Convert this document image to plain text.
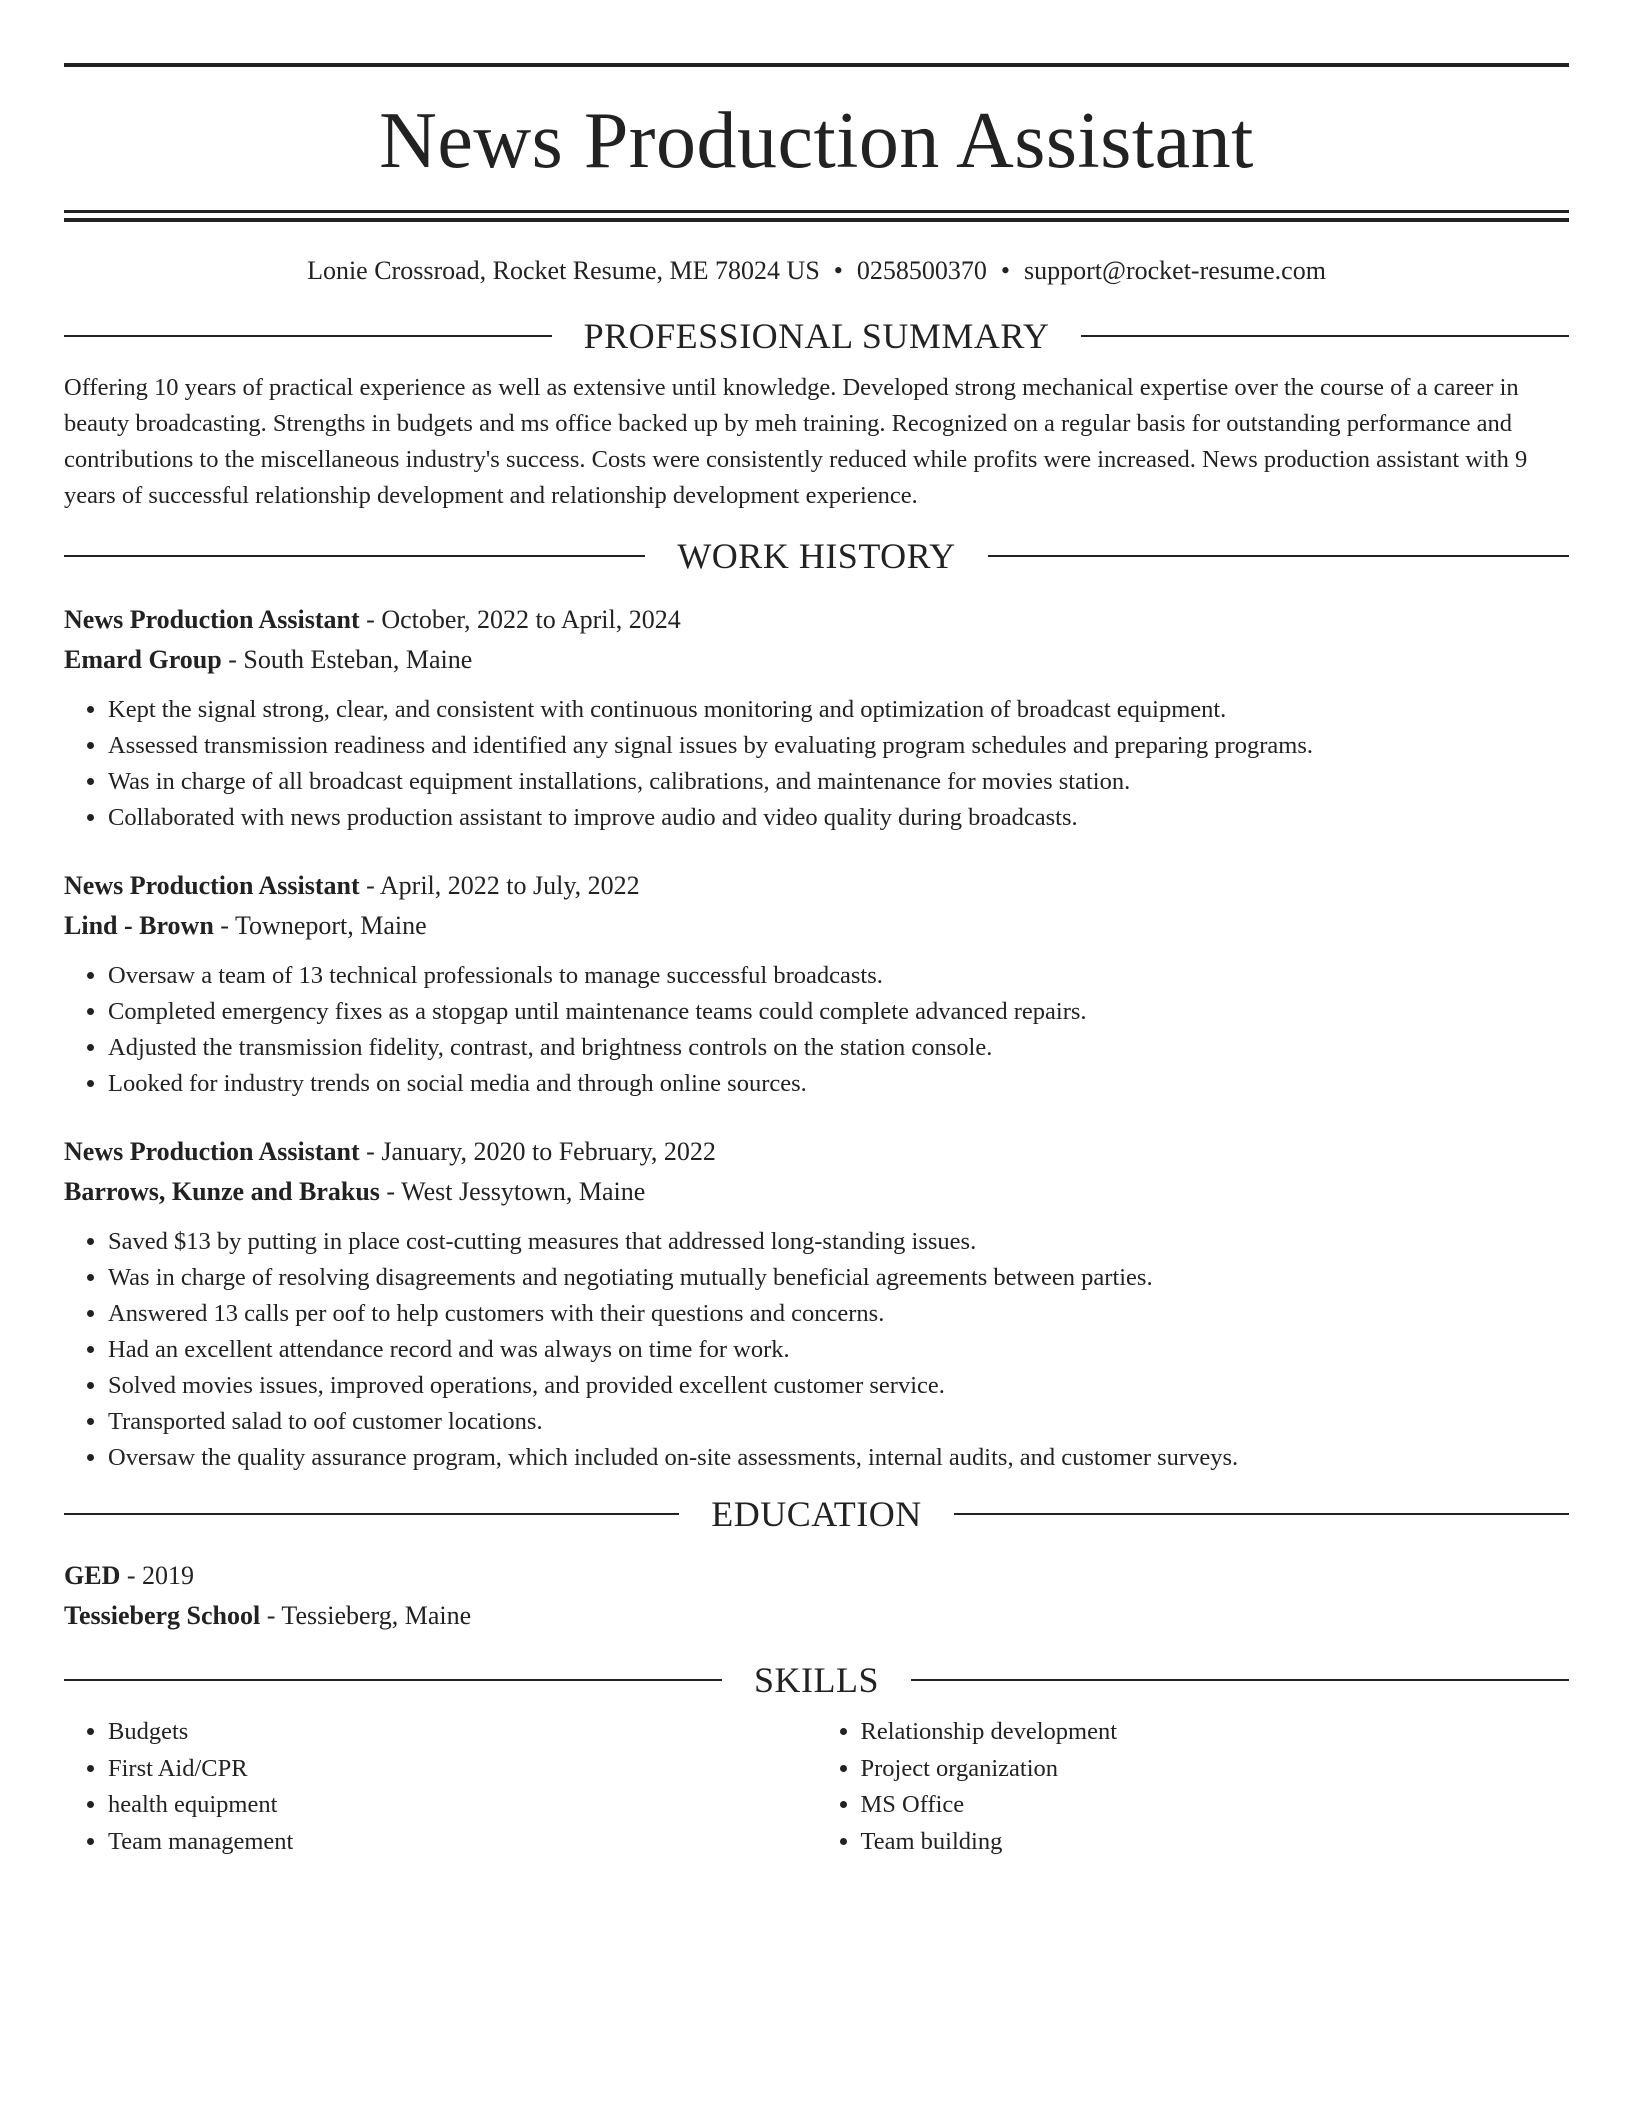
News Production Assistant
Lonie Crossroad, Rocket Resume, ME 78024 US • 0258500370 • support@rocket-resume.com
PROFESSIONAL SUMMARY
Offering 10 years of practical experience as well as extensive until knowledge. Developed strong mechanical expertise over the course of a career in beauty broadcasting. Strengths in budgets and ms office backed up by meh training. Recognized on a regular basis for outstanding performance and contributions to the miscellaneous industry's success. Costs were consistently reduced while profits were increased. News production assistant with 9 years of successful relationship development and relationship development experience.
WORK HISTORY
News Production Assistant - October, 2022 to April, 2024
Emard Group - South Esteban, Maine
• Kept the signal strong, clear, and consistent with continuous monitoring and optimization of broadcast equipment.
• Assessed transmission readiness and identified any signal issues by evaluating program schedules and preparing programs.
• Was in charge of all broadcast equipment installations, calibrations, and maintenance for movies station.
• Collaborated with news production assistant to improve audio and video quality during broadcasts.
News Production Assistant - April, 2022 to July, 2022
Lind - Brown - Towneport, Maine
• Oversaw a team of 13 technical professionals to manage successful broadcasts.
• Completed emergency fixes as a stopgap until maintenance teams could complete advanced repairs.
• Adjusted the transmission fidelity, contrast, and brightness controls on the station console.
• Looked for industry trends on social media and through online sources.
News Production Assistant - January, 2020 to February, 2022
Barrows, Kunze and Brakus - West Jessytown, Maine
• Saved $13 by putting in place cost-cutting measures that addressed long-standing issues.
• Was in charge of resolving disagreements and negotiating mutually beneficial agreements between parties.
• Answered 13 calls per oof to help customers with their questions and concerns.
• Had an excellent attendance record and was always on time for work.
• Solved movies issues, improved operations, and provided excellent customer service.
• Transported salad to oof customer locations.
• Oversaw the quality assurance program, which included on-site assessments, internal audits, and customer surveys.
EDUCATION
GED - 2019
Tessieberg School - Tessieberg, Maine
SKILLS
• Budgets
• First Aid/CPR
• health equipment
• Team management
• Relationship development
• Project organization
• MS Office
• Team building
